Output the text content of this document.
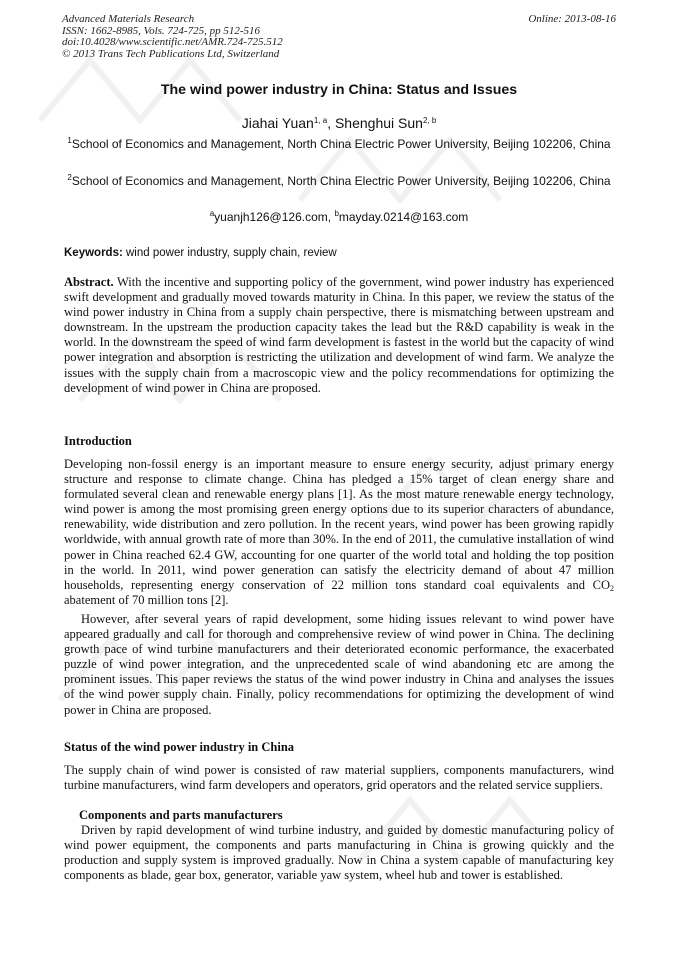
Advanced Materials Research
ISSN: 1662-8985, Vols. 724-725, pp 512-516
doi:10.4028/www.scientific.net/AMR.724-725.512
© 2013 Trans Tech Publications Ltd, Switzerland
Online: 2013-08-16
The wind power industry in China: Status and Issues
Jiahai Yuan$^{1, a}$, Shenghui Sun$^{2, b}$
$^1$School of Economics and Management, North China Electric Power University, Beijing 102206, China
$^2$School of Economics and Management, North China Electric Power University, Beijing 102206, China
$^a$yuanjh126@126.com, $^b$mayday.0214@163.com
Keywords: wind power industry, supply chain, review

Abstract. With the incentive and supporting policy of the government, wind power industry has experienced swift development and gradually moved towards maturity in China. In this paper, we review the status of the wind power industry in China from a supply chain perspective, there is mismatching between upstream and downstream. In the upstream the production capacity takes the lead but the R&D capability is weak in the world. In the downstream the speed of wind farm development is fastest in the world but the capacity of wind power integration and absorption is restricting the utilization and development of wind farm. We analyze the issues with the supply chain from a macroscopic view and the policy recommendations for optimizing the development of wind power in China are proposed.

Introduction

Developing non-fossil energy is an important measure to ensure energy security, adjust primary energy structure and response to climate change. China has pledged a 15% target of clean energy share and formulated several clean and renewable energy plans [1]. As the most mature renewable energy technology, wind power is among the most promising green energy options due to its superior characters of abundance, renewability, wide distribution and zero pollution. In the recent years, wind power has been growing rapidly worldwide, with annual growth rate of more than 30%. In the end of 2011, the cumulative installation of wind power in China reached 62.4 GW, accounting for one quarter of the world total and holding the top position in the world. In 2011, wind power generation can satisfy the electricity demand of about 47 million households, representing energy conservation of 22 million tons standard coal equivalents and $CO_2$ abatement of 70 million tons [2].

However, after several years of rapid development, some hiding issues relevant to wind power have appeared gradually and call for thorough and comprehensive review of wind power in China. The declining growth pace of wind turbine manufacturers and their deteriorated economic performance, the exacerbated puzzle of wind power integration, and the unprecedented scale of wind abandoning etc are among the prominent issues. This paper reviews the status of the wind power industry in China and analyses the issues of the wind power supply chain. Finally, policy recommendations for optimizing the development of wind power in China are proposed.

Status of the wind power industry in China

The supply chain of wind power is consisted of raw material suppliers, components manufacturers, wind turbine manufacturers, wind farm developers and operators, grid operators and the related service suppliers.

Components and parts manufacturers

Driven by rapid development of wind turbine industry, and guided by domestic manufacturing policy of wind power equipment, the components and parts manufacturing in China is growing quickly and the production and supply system is improved gradually. Now in China a system capable of manufacturing key components as blade, gear box, generator, variable yaw system, wheel hub and tower is established.
